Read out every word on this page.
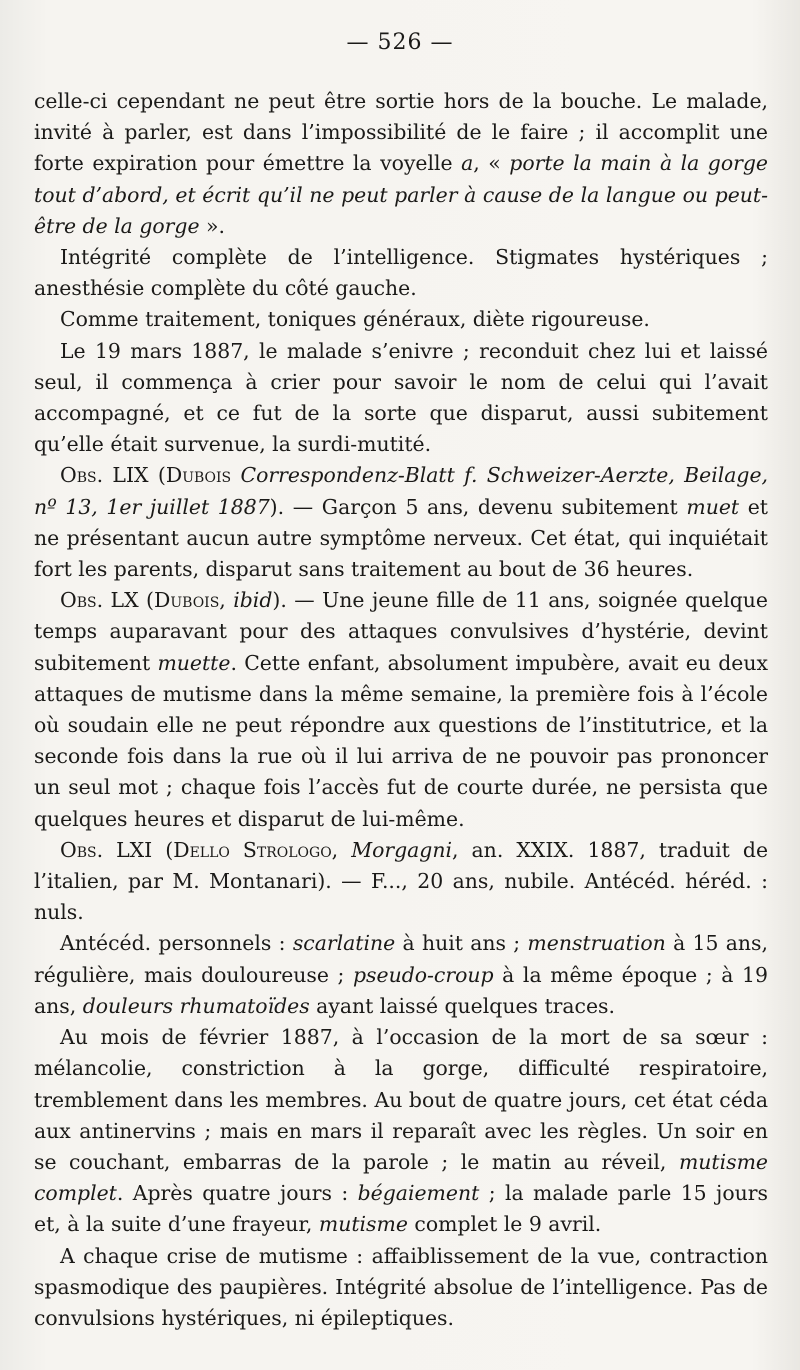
— 526 —

celle-ci cependant ne peut être sortie hors de la bouche. Le malade, invité à parler, est dans l’impossibilité de le faire ; il accomplit une forte expiration pour émettre la voyelle a, « porte la main à la gorge tout d’abord, et écrit qu’il ne peut parler à cause de la langue ou peut-être de la gorge ».

Intégrité complète de l’intelligence. Stigmates hystériques ; anesthésie complète du côté gauche.

Comme traitement, toniques généraux, diète rigoureuse.

Le 19 mars 1887, le malade s’enivre ; reconduit chez lui et laissé seul, il commença à crier pour savoir le nom de celui qui l’avait accompagné, et ce fut de la sorte que disparut, aussi subitement qu’elle était survenue, la surdi-mutité.

Obs. LIX (Dubois Correspondenz-Blatt f. Schweizer-Aerzte, Beilage, nº 13, 1er juillet 1887). — Garçon 5 ans, devenu subitement muet et ne présentant aucun autre symptôme nerveux. Cet état, qui inquiétait fort les parents, disparut sans traitement au bout de 36 heures.

Obs. LX (Dubois, ibid). — Une jeune fille de 11 ans, soignée quelque temps auparavant pour des attaques convulsives d’hystérie, devint subitement muette. Cette enfant, absolument impubère, avait eu deux attaques de mutisme dans la même semaine, la première fois à l’école où soudain elle ne peut répondre aux questions de l’institutrice, et la seconde fois dans la rue où il lui arriva de ne pouvoir pas prononcer un seul mot ; chaque fois l’accès fut de courte durée, ne persista que quelques heures et disparut de lui-même.

Obs. LXI (Dello Strologo, Morgagni, an. XXIX. 1887, traduit de l’italien, par M. Montanari). — F..., 20 ans, nubile. Antécéd. héréd. : nuls.

Antécéd. personnels : scarlatine à huit ans ; menstruation à 15 ans, régulière, mais douloureuse ; pseudo-croup à la même époque ; à 19 ans, douleurs rhumatoïdes ayant laissé quelques traces.

Au mois de février 1887, à l’occasion de la mort de sa sœur : mélancolie, constriction à la gorge, difficulté respiratoire, tremblement dans les membres. Au bout de quatre jours, cet état céda aux antinervins ; mais en mars il reparaît avec les règles. Un soir en se couchant, embarras de la parole ; le matin au réveil, mutisme complet. Après quatre jours : bégaiement ; la malade parle 15 jours et, à la suite d’une frayeur, mutisme complet le 9 avril.

A chaque crise de mutisme : affaiblissement de la vue, contraction spasmodique des paupières. Intégrité absolue de l’intelligence. Pas de convulsions hystériques, ni épileptiques.
